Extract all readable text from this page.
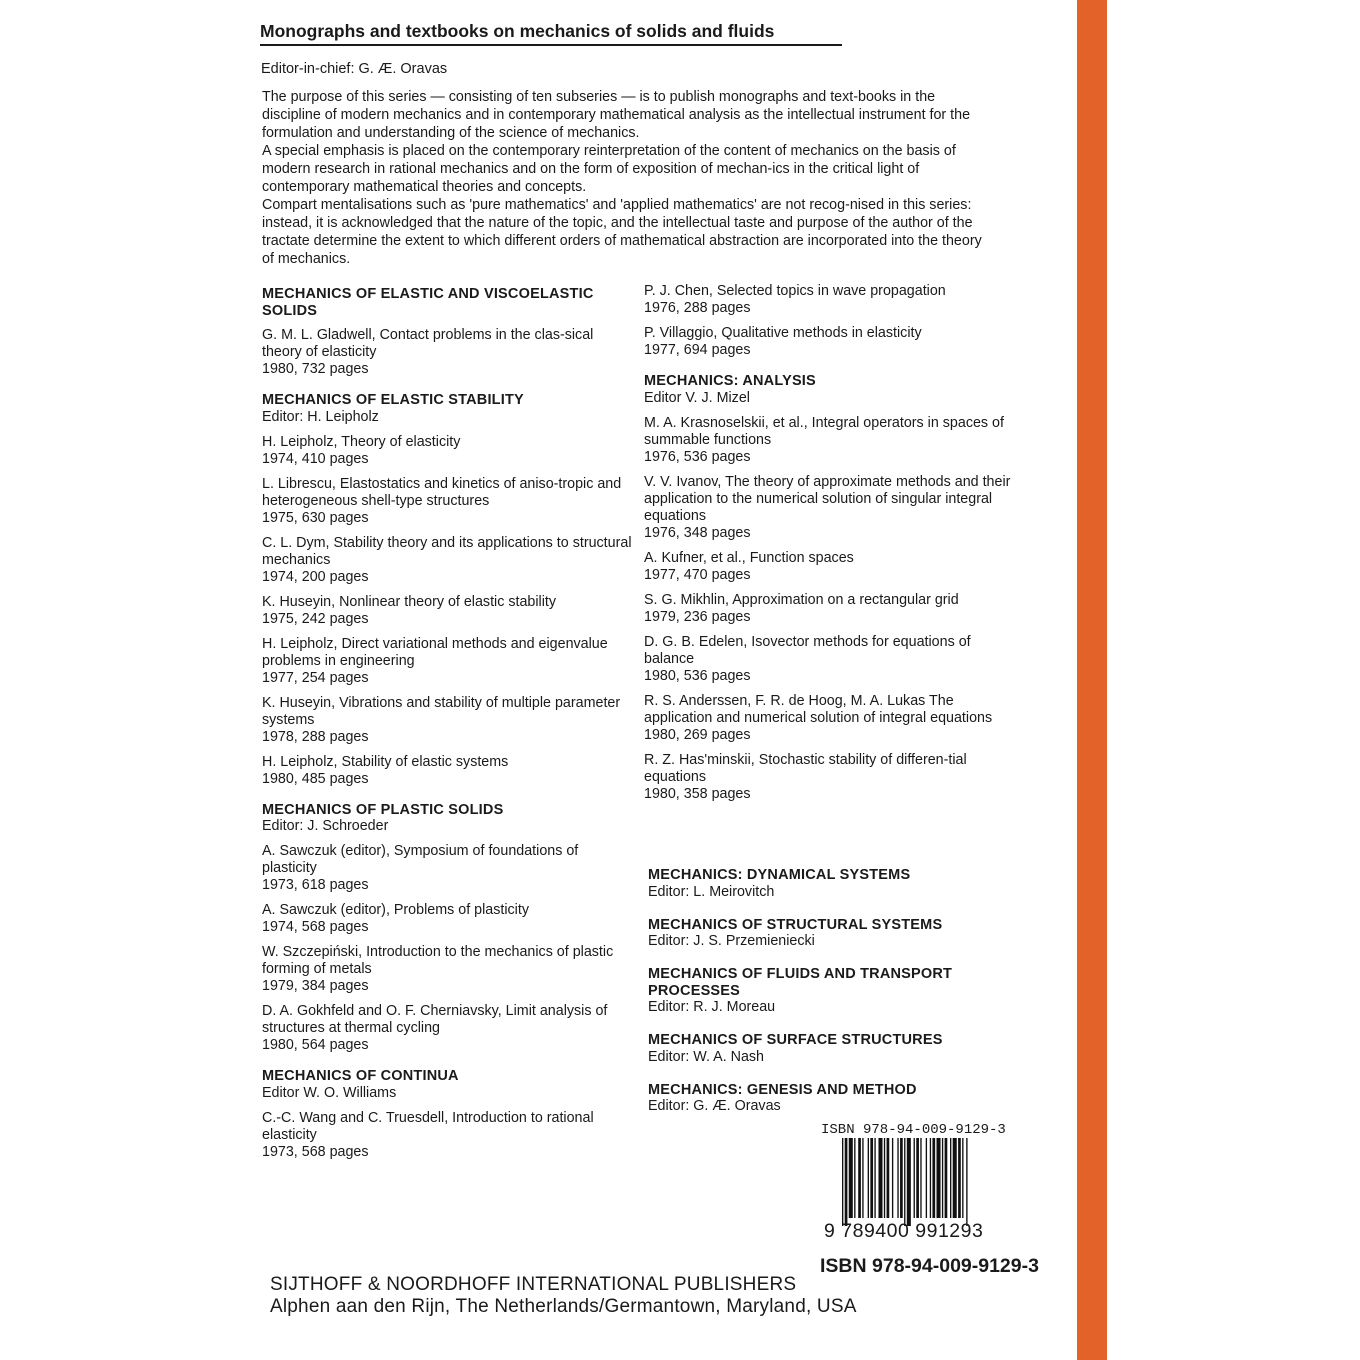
Monographs and textbooks on mechanics of solids and fluids
Editor-in-chief: G. Æ. Oravas

The purpose of this series — consisting of ten subseries — is to publish monographs and text-books in the discipline of modern mechanics and in contemporary mathematical analysis as the intellectual instrument for the formulation and understanding of the science of mechanics.

A special emphasis is placed on the contemporary reinterpretation of the content of mechanics on the basis of modern research in rational mechanics and on the form of exposition of mechan-ics in the critical light of contemporary mathematical theories and concepts.

Compart mentalisations such as 'pure mathematics' and 'applied mathematics' are not recog-nised in this series: instead, it is acknowledged that the nature of the topic, and the intellectual taste and purpose of the author of the tractate determine the extent to which different orders of mathematical abstraction are incorporated into the theory of mechanics.

MECHANICS OF ELASTIC AND VISCOELASTIC SOLIDS
G. M. L. Gladwell, Contact problems in the clas-sical theory of elasticity
1980, 732 pages
MECHANICS OF ELASTIC STABILITY
Editor: H. Leipholz
H. Leipholz, Theory of elasticity
1974, 410 pages
L. Librescu, Elastostatics and kinetics of aniso-tropic and heterogeneous shell-type structures
1975, 630 pages
C. L. Dym, Stability theory and its applications to structural mechanics
1974, 200 pages
K. Huseyin, Nonlinear theory of elastic stability
1975, 242 pages
H. Leipholz, Direct variational methods and eigenvalue problems in engineering
1977, 254 pages
K. Huseyin, Vibrations and stability of multiple parameter systems
1978, 288 pages
H. Leipholz, Stability of elastic systems
1980, 485 pages
MECHANICS OF PLASTIC SOLIDS
Editor: J. Schroeder
A. Sawczuk (editor), Symposium of foundations of plasticity
1973, 618 pages
A. Sawczuk (editor), Problems of plasticity
1974, 568 pages
W. Szczepiński, Introduction to the mechanics of plastic forming of metals
1979, 384 pages
D. A. Gokhfeld and O. F. Cherniavsky, Limit analysis of structures at thermal cycling
1980, 564 pages
MECHANICS OF CONTINUA
Editor W. O. Williams
C.-C. Wang and C. Truesdell, Introduction to rational elasticity
1973, 568 pages
P. J. Chen, Selected topics in wave propagation
1976, 288 pages
P. Villaggio, Qualitative methods in elasticity
1977, 694 pages
MECHANICS: ANALYSIS
Editor V. J. Mizel
M. A. Krasnoselskii, et al., Integral operators in spaces of summable functions
1976, 536 pages
V. V. Ivanov, The theory of approximate methods and their application to the numerical solution of singular integral equations
1976, 348 pages
A. Kufner, et al., Function spaces
1977, 470 pages
S. G. Mikhlin, Approximation on a rectangular grid
1979, 236 pages
D. G. B. Edelen, Isovector methods for equations of balance
1980, 536 pages
R. S. Anderssen, F. R. de Hoog, M. A. Lukas The application and numerical solution of integral equations
1980, 269 pages
R. Z. Has'minskii, Stochastic stability of differen-tial equations
1980, 358 pages
MECHANICS: DYNAMICAL SYSTEMS
Editor: L. Meirovitch
MECHANICS OF STRUCTURAL SYSTEMS
Editor: J. S. Przemieniecki
MECHANICS OF FLUIDS AND TRANSPORT PROCESSES
Editor: R. J. Moreau
MECHANICS OF SURFACE STRUCTURES
Editor: W. A. Nash
MECHANICS: GENESIS AND METHOD
Editor: G. Æ. Oravas
ISBN 978-94-009-9129-3
9 789400 991293
ISBN 978-94-009-9129-3
SIJTHOFF & NOORDHOFF INTERNATIONAL PUBLISHERS
Alphen aan den Rijn, The Netherlands/Germantown, Maryland, USA
